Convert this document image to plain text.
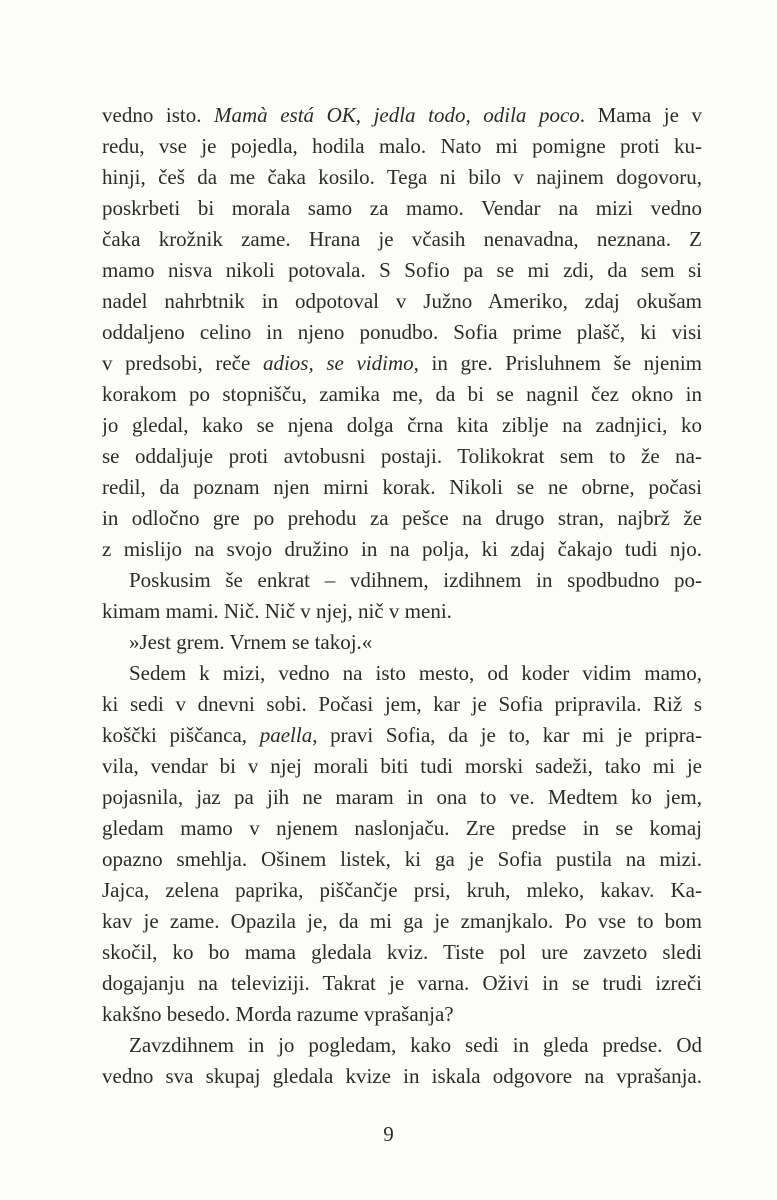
vedno isto. Mamà está OK, jedla todo, odila poco. Mama je v
redu, vse je pojedla, hodila malo. Nato mi pomigne proti ku-
hinji, češ da me čaka kosilo. Tega ni bilo v najinem dogovoru,
poskrbeti bi morala samo za mamo. Vendar na mizi vedno
čaka krožnik zame. Hrana je včasih nenavadna, neznana. Z
mamo nisva nikoli potovala. S Sofio pa se mi zdi, da sem si
nadel nahrbtnik in odpotoval v Južno Ameriko, zdaj okušam
oddaljeno celino in njeno ponudbo. Sofia prime plašč, ki visi
v predsobi, reče adios, se vidimo, in gre. Prisluhnem še njenim
korakom po stopnišču, zamika me, da bi se nagnil čez okno in
jo gledal, kako se njena dolga črna kita ziblje na zadnjici, ko
se oddaljuje proti avtobusni postaji. Tolikokrat sem to že na-
redil, da poznam njen mirni korak. Nikoli se ne obrne, počasi
in odločno gre po prehodu za pešce na drugo stran, najbrž že
z mislijo na svojo družino in na polja, ki zdaj čakajo tudi njo.
Poskusim še enkrat – vdihnem, izdihnem in spodbudno po-
kimam mami. Nič. Nič v njej, nič v meni.
»Jest grem. Vrnem se takoj.«
Sedem k mizi, vedno na isto mesto, od koder vidim mamo,
ki sedi v dnevni sobi. Počasi jem, kar je Sofia pripravila. Riž s
koščki piščanca, paella, pravi Sofia, da je to, kar mi je pripra-
vila, vendar bi v njej morali biti tudi morski sadeži, tako mi je
pojasnila, jaz pa jih ne maram in ona to ve. Medtem ko jem,
gledam mamo v njenem naslonjaču. Zre predse in se komaj
opazno smehlja. Ošinem listek, ki ga je Sofia pustila na mizi.
Jajca, zelena paprika, piščančje prsi, kruh, mleko, kakav. Ka-
kav je zame. Opazila je, da mi ga je zmanjkalo. Po vse to bom
skočil, ko bo mama gledala kviz. Tiste pol ure zavzeto sledi
dogajanju na televiziji. Takrat je varna. Oživi in se trudi izreči
kakšno besedo. Morda razume vprašanja?
Zavzdihnem in jo pogledam, kako sedi in gleda predse. Od
vedno sva skupaj gledala kvize in iskala odgovore na vprašanja.
9
